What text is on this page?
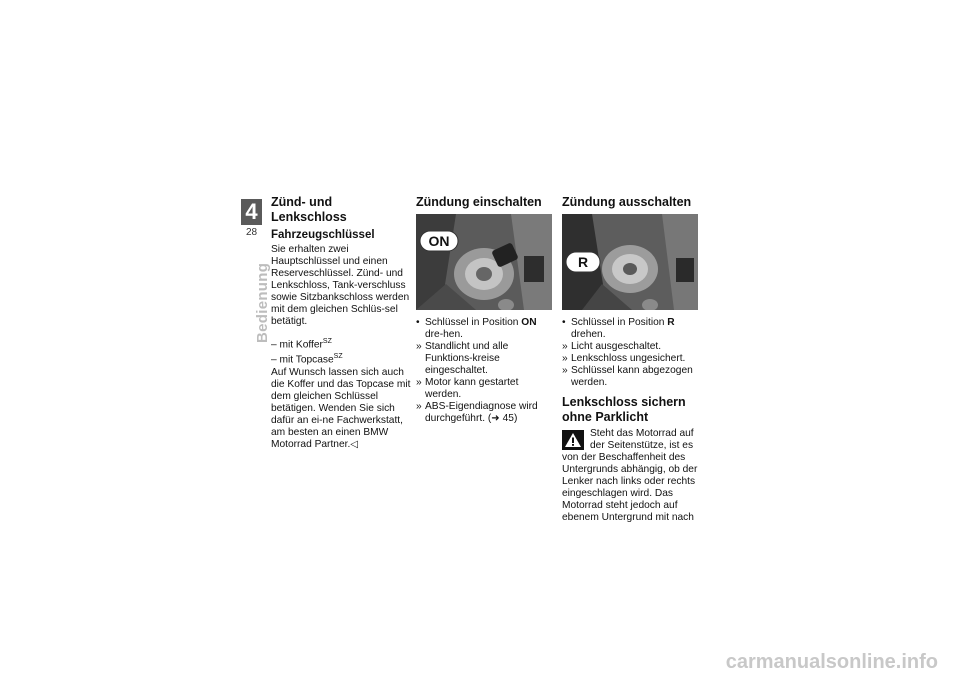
4
28
Bedienung
Zünd- und Lenkschloss
Fahrzeugschlüssel

Sie erhalten zwei Hauptschlüssel und einen Reserveschlüssel. Zünd- und Lenkschloss, Tank-verschluss sowie Sitzbankschloss werden mit dem gleichen Schlüs-sel betätigt.

– mit Koffer$^{SZ}$
– mit Topcase$^{SZ}$

Auf Wunsch lassen sich auch die Koffer und das Topcase mit dem gleichen Schlüssel betätigen. Wenden Sie sich dafür an ei-ne Fachwerkstatt, am besten an einen BMW Motorrad Partner.◁

Zündung einschalten
ON
• Schlüssel in Position ON dre-hen.
» Standlicht und alle Funktions-kreise eingeschaltet.
» Motor kann gestartet werden.
» ABS-Eigendiagnose wird durchgeführt. (➜ 45)
Zündung ausschalten
R
• Schlüssel in Position R drehen.
» Licht ausgeschaltet.
» Lenkschloss ungesichert.
» Schlüssel kann abgezogen werden.
Lenkschloss sichern ohne Parklicht
Steht das Motorrad auf der Seitenstütze, ist es von der Beschaffenheit des Untergrunds abhängig, ob der Lenker nach links oder rechts eingeschlagen wird. Das Motorrad steht jedoch auf ebenem Untergrund mit nach
carmanualsonline.info
